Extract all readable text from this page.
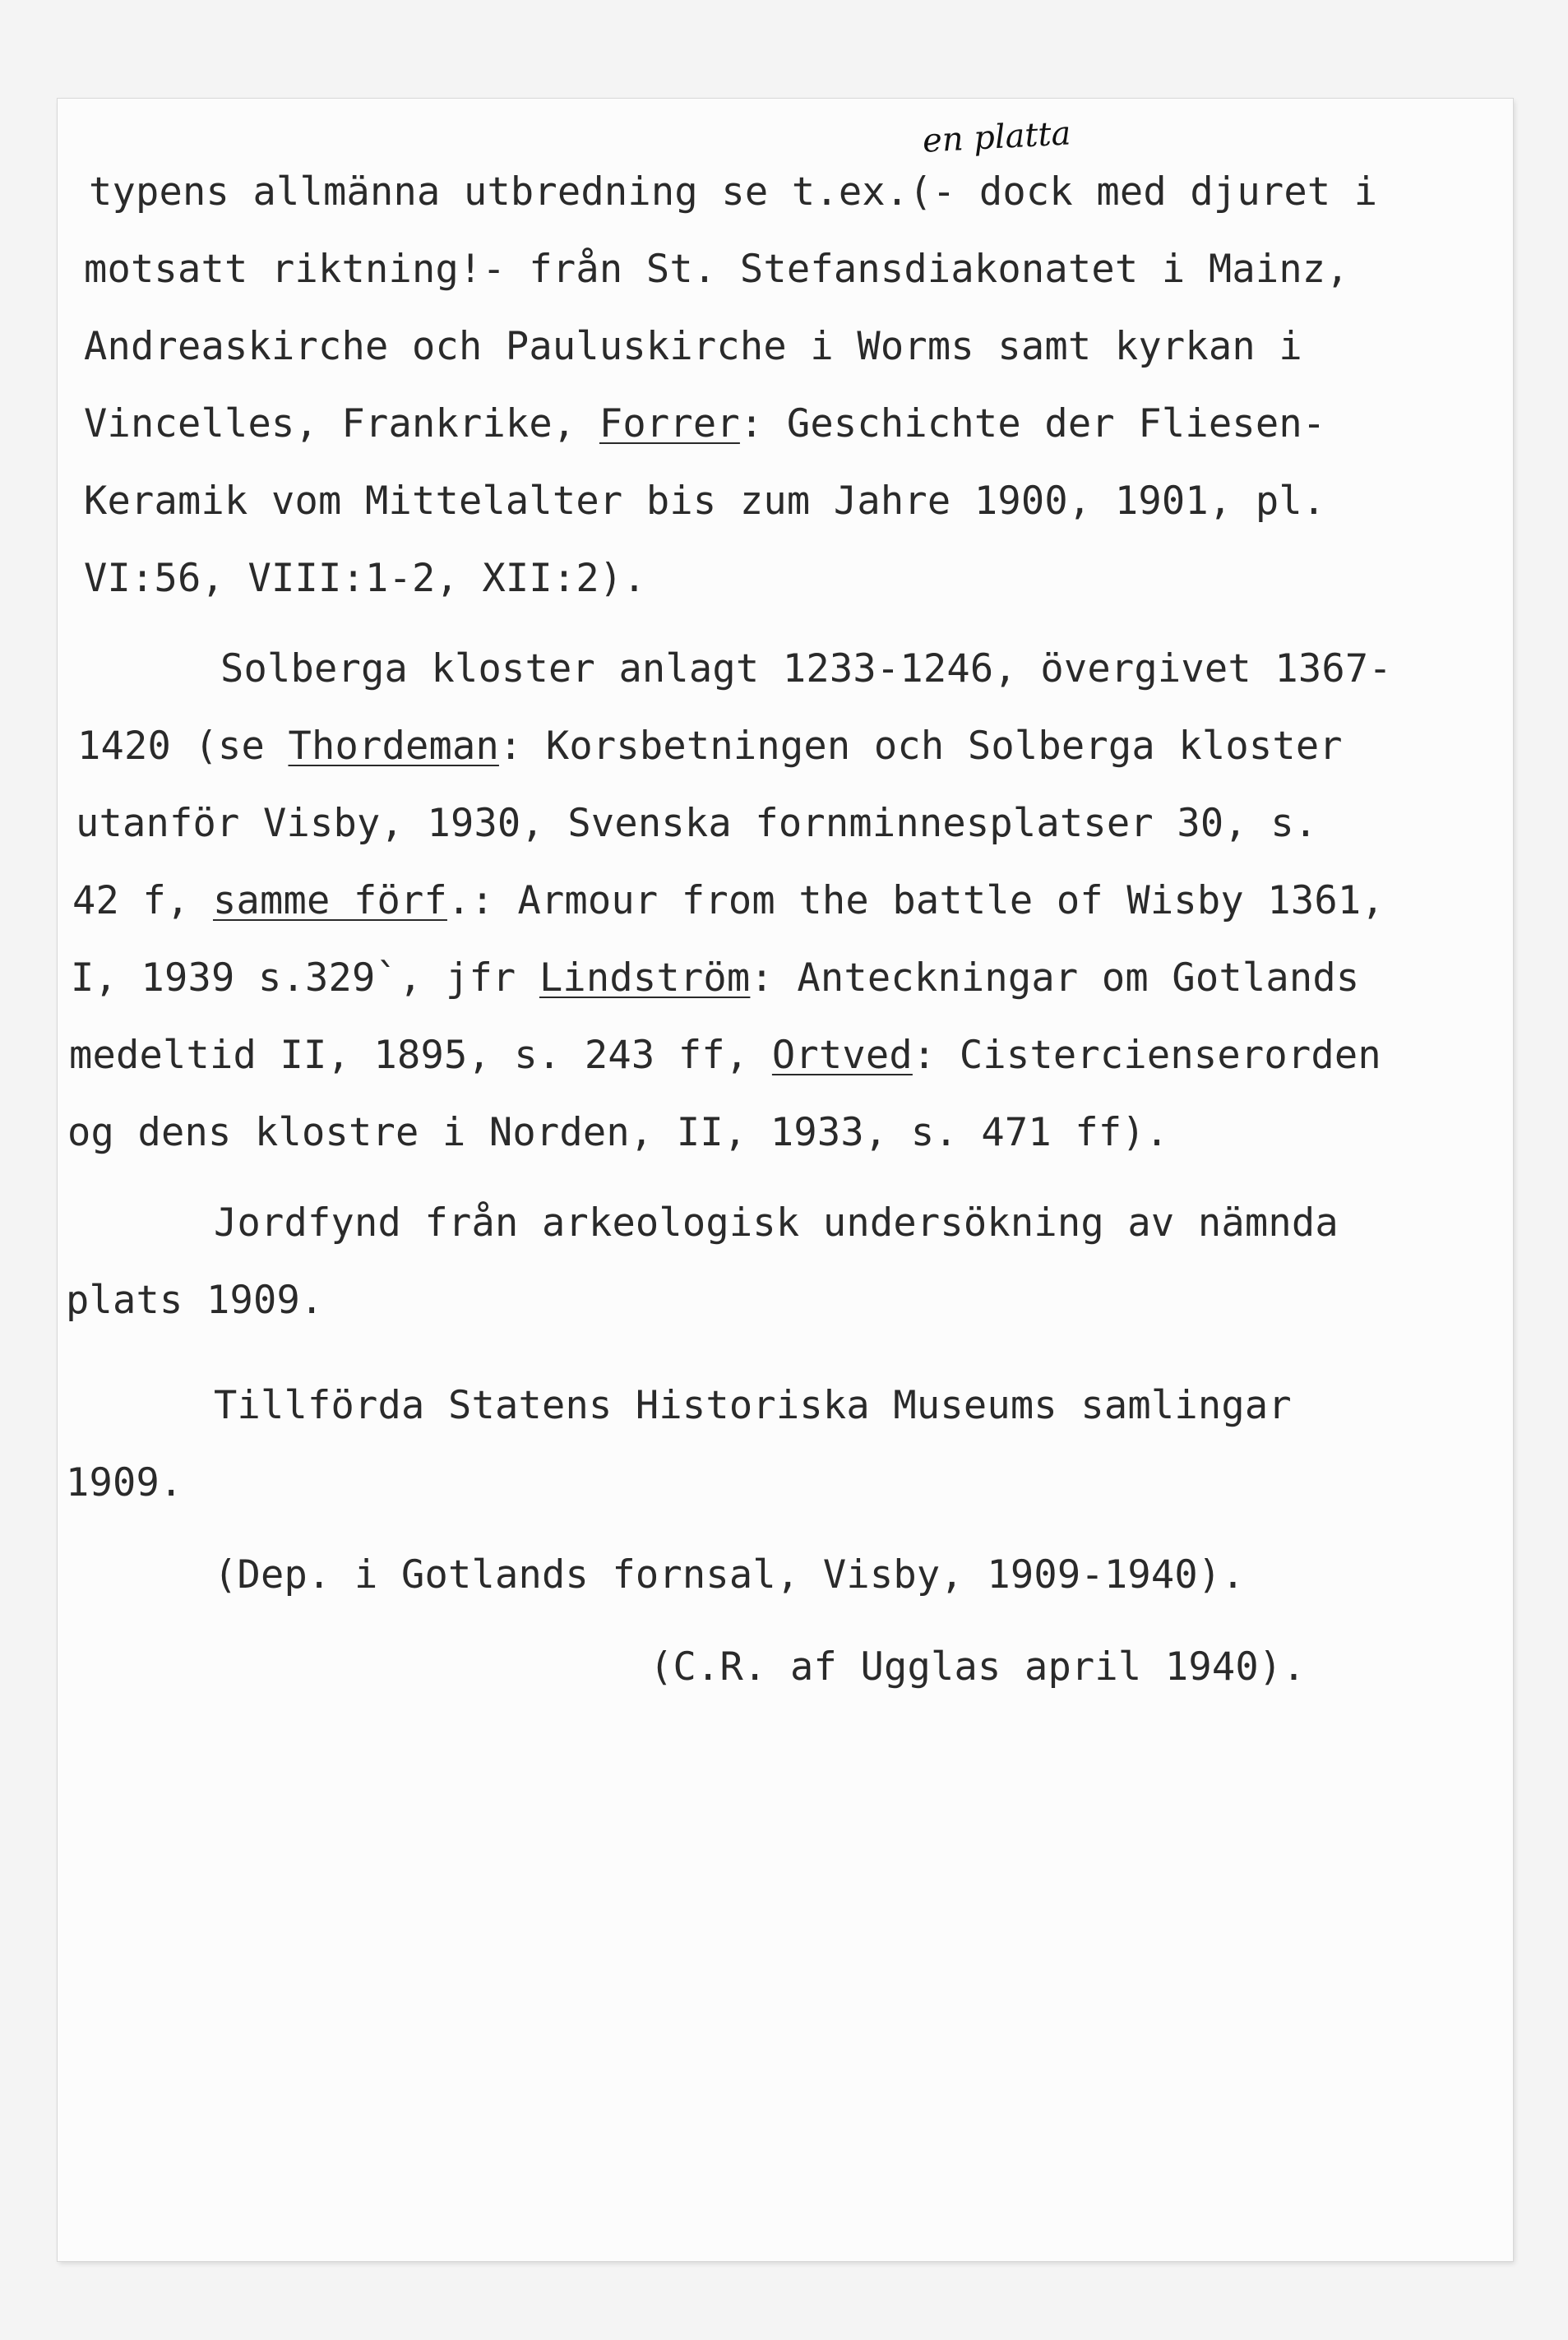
en platta
typens allmänna utbredning se t.ex.(- dock med djuret i
motsatt riktning!- från St. Stefansdiakonatet i Mainz,
Andreaskirche och Pauluskirche i Worms samt kyrkan i
Vincelles, Frankrike, Forrer: Geschichte der Fliesen-
Keramik vom Mittelalter bis zum Jahre 1900, 1901, pl.
VI:56, VIII:1-2, XII:2).
Solberga kloster anlagt 1233-1246, övergivet 1367-
1420 (se Thordeman: Korsbetningen och Solberga kloster
utanför Visby, 1930, Svenska fornminnesplatser 30, s.
42 f, samme förf.: Armour from the battle of Wisby 1361,
I, 1939 s.329`, jfr Lindström: Anteckningar om Gotlands
medeltid II, 1895, s. 243 ff, Ortved: Cistercienserorden
og dens klostre i Norden, II, 1933, s. 471 ff).
Jordfynd från arkeologisk undersökning av nämnda
plats 1909.
Tillförda Statens Historiska Museums samlingar
1909.
(Dep. i Gotlands fornsal, Visby, 1909-1940).
(C.R. af Ugglas april 1940).
